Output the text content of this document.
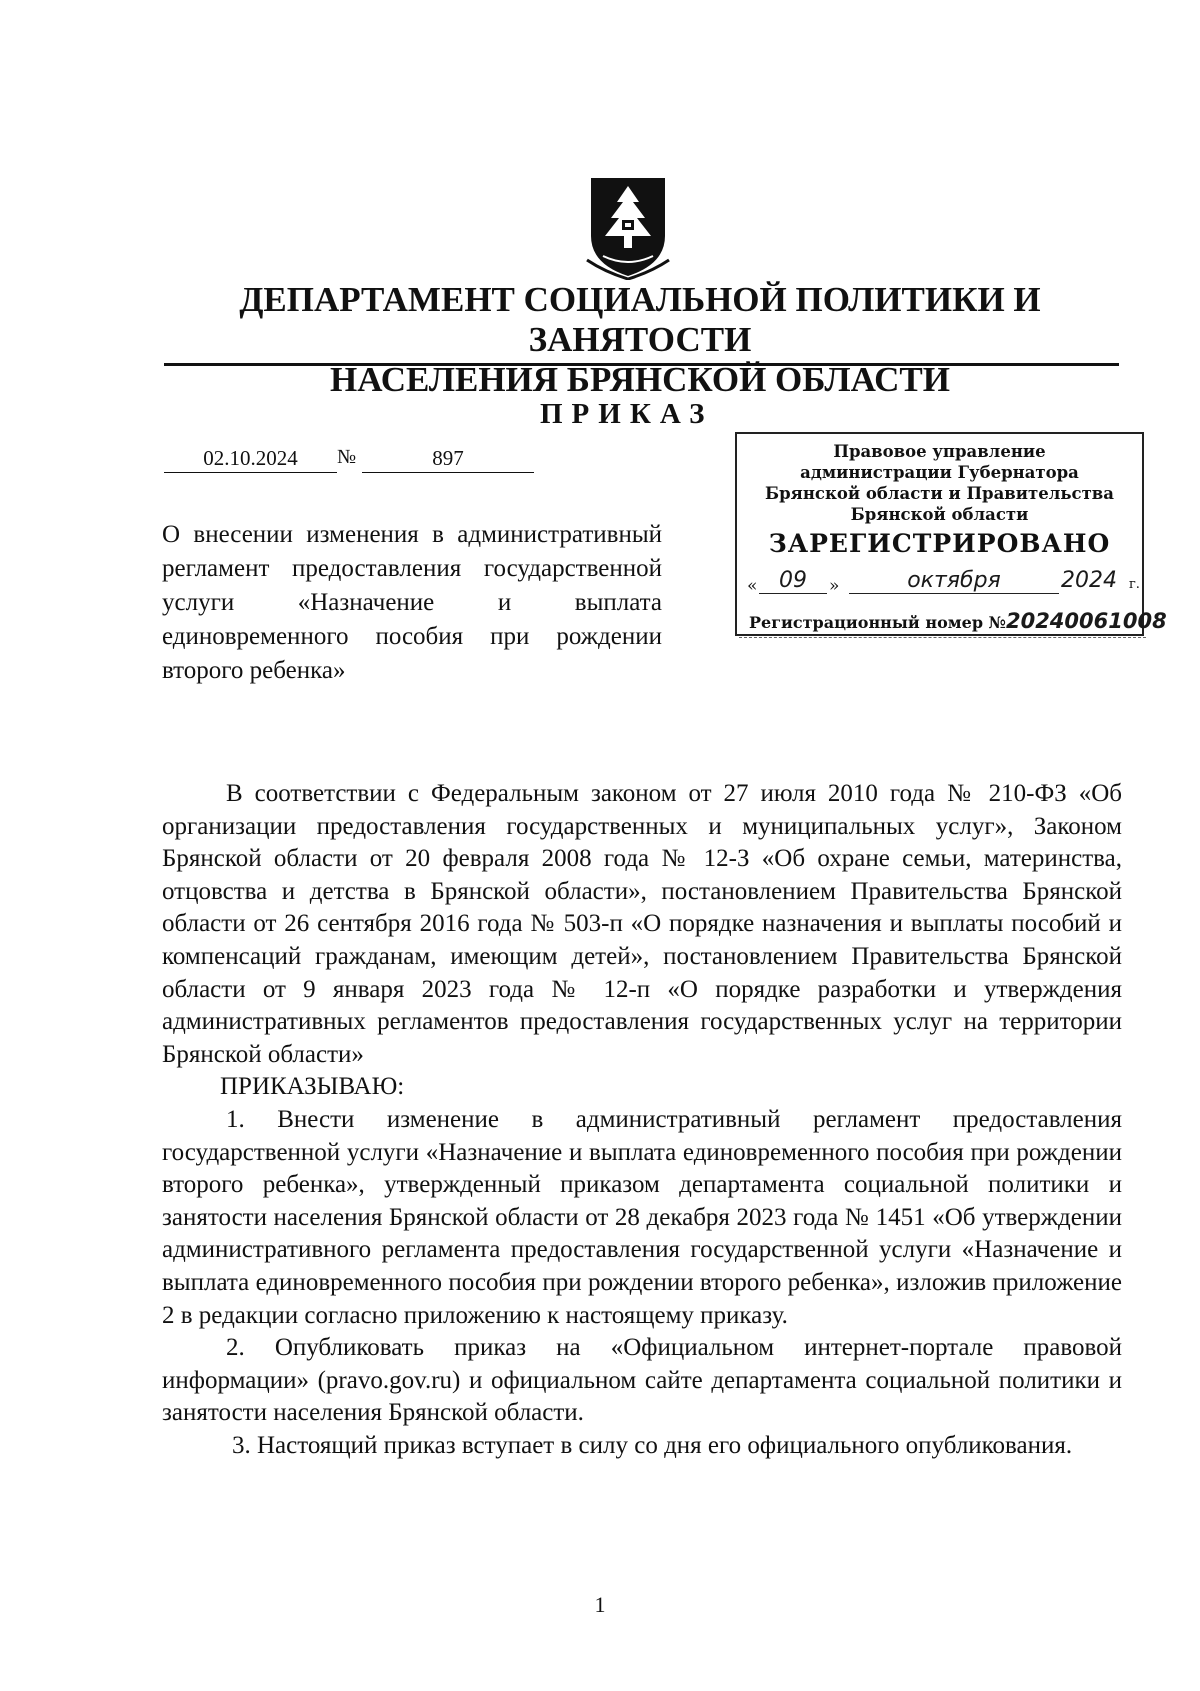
ДЕПАРТАМЕНТ СОЦИАЛЬНОЙ ПОЛИТИКИ И ЗАНЯТОСТИ
НАСЕЛЕНИЯ БРЯНСКОЙ ОБЛАСТИ
ПРИКАЗ
02.10.2024	№	897
О внесении изменения в административный регламент предоставления государственной услуги «Назначение и выплата единовременного пособия при рождении второго ребенка»
Правовое управление
администрации Губернатора
Брянской области и Правительства
Брянской области
ЗАРЕГИСТРИРОВАНО
« 09	»	октября	2024 г.
Регистрационный номер №20240061008

В соответствии с Федеральным законом от 27 июля 2010 года № 210-ФЗ «Об организации предоставления государственных и муниципальных услуг», Законом Брянской области от 20 февраля 2008 года № 12-З «Об охране семьи, материнства, отцовства и детства в Брянской области», постановлением Правительства Брянской области от 26 сентября 2016 года № 503-п «О порядке назначения и выплаты пособий и компенсаций гражданам, имеющим детей», постановлением Правительства Брянской области от 9 января 2023 года № 12-п «О порядке разработки и утверждения административных регламентов предоставления государственных услуг на территории Брянской области»

ПРИКАЗЫВАЮ:

1. Внести изменение в административный регламент предоставления государственной услуги «Назначение и выплата единовременного пособия при рождении второго ребенка», утвержденный приказом департамента социальной политики и занятости населения Брянской области от 28 декабря 2023 года № 1451 «Об утверждении административного регламента предоставления государственной услуги «Назначение и выплата единовременного пособия при рождении второго ребенка», изложив приложение 2 в редакции согласно приложению к настоящему приказу.

2. Опубликовать приказ на «Официальном интернет-портале правовой информации» (pravo.gov.ru) и официальном сайте департамента социальной политики и занятости населения Брянской области.

3. Настоящий приказ вступает в силу со дня его официального опубликования.

1
